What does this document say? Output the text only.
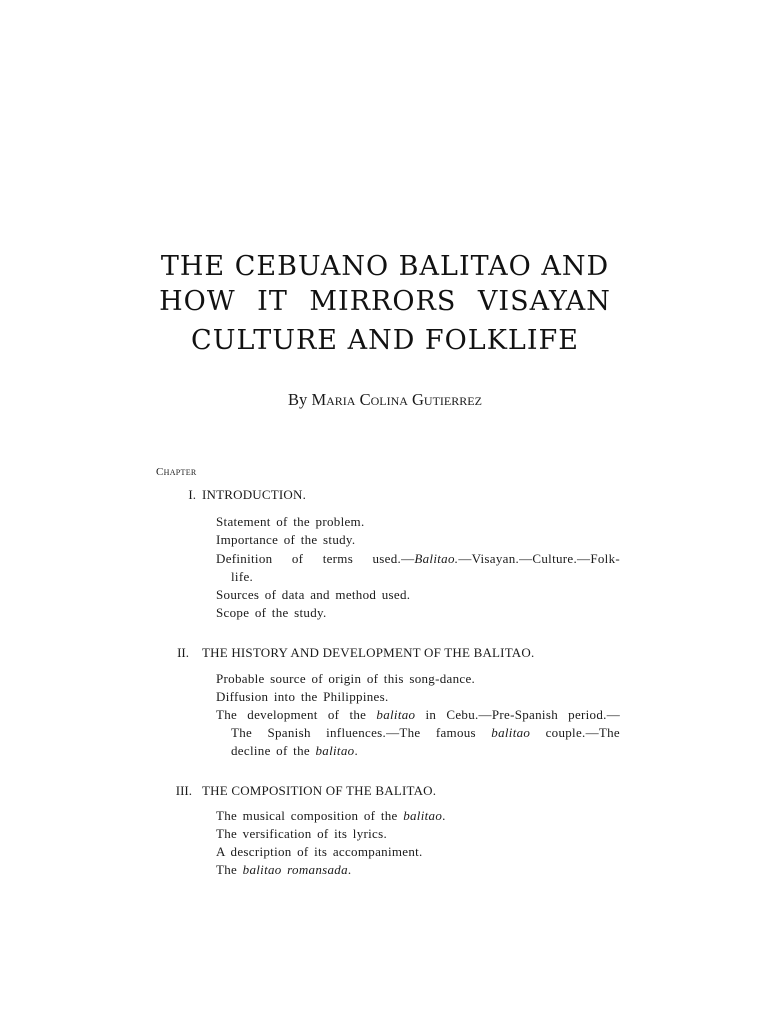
THE CEBUANO BALITAO AND
HOW IT MIRRORS VISAYAN
CULTURE AND FOLKLIFE
By Maria Colina Gutierrez
Chapter
I. INTRODUCTION.
Statement of the problem.
Importance of the study.
Definition of terms used.—Balitao.—Visayan.—Culture.—Folk-
life.
Sources of data and method used.
Scope of the study.
II. THE HISTORY AND DEVELOPMENT OF THE BALITAO.
Probable source of origin of this song-dance.
Diffusion into the Philippines.
The development of the balitao in Cebu.—Pre-Spanish period.—
The Spanish influences.—The famous balitao couple.—The
decline of the balitao.
III. THE COMPOSITION OF THE BALITAO.
The musical composition of the balitao.
The versification of its lyrics.
A description of its accompaniment.
The balitao romansada.
